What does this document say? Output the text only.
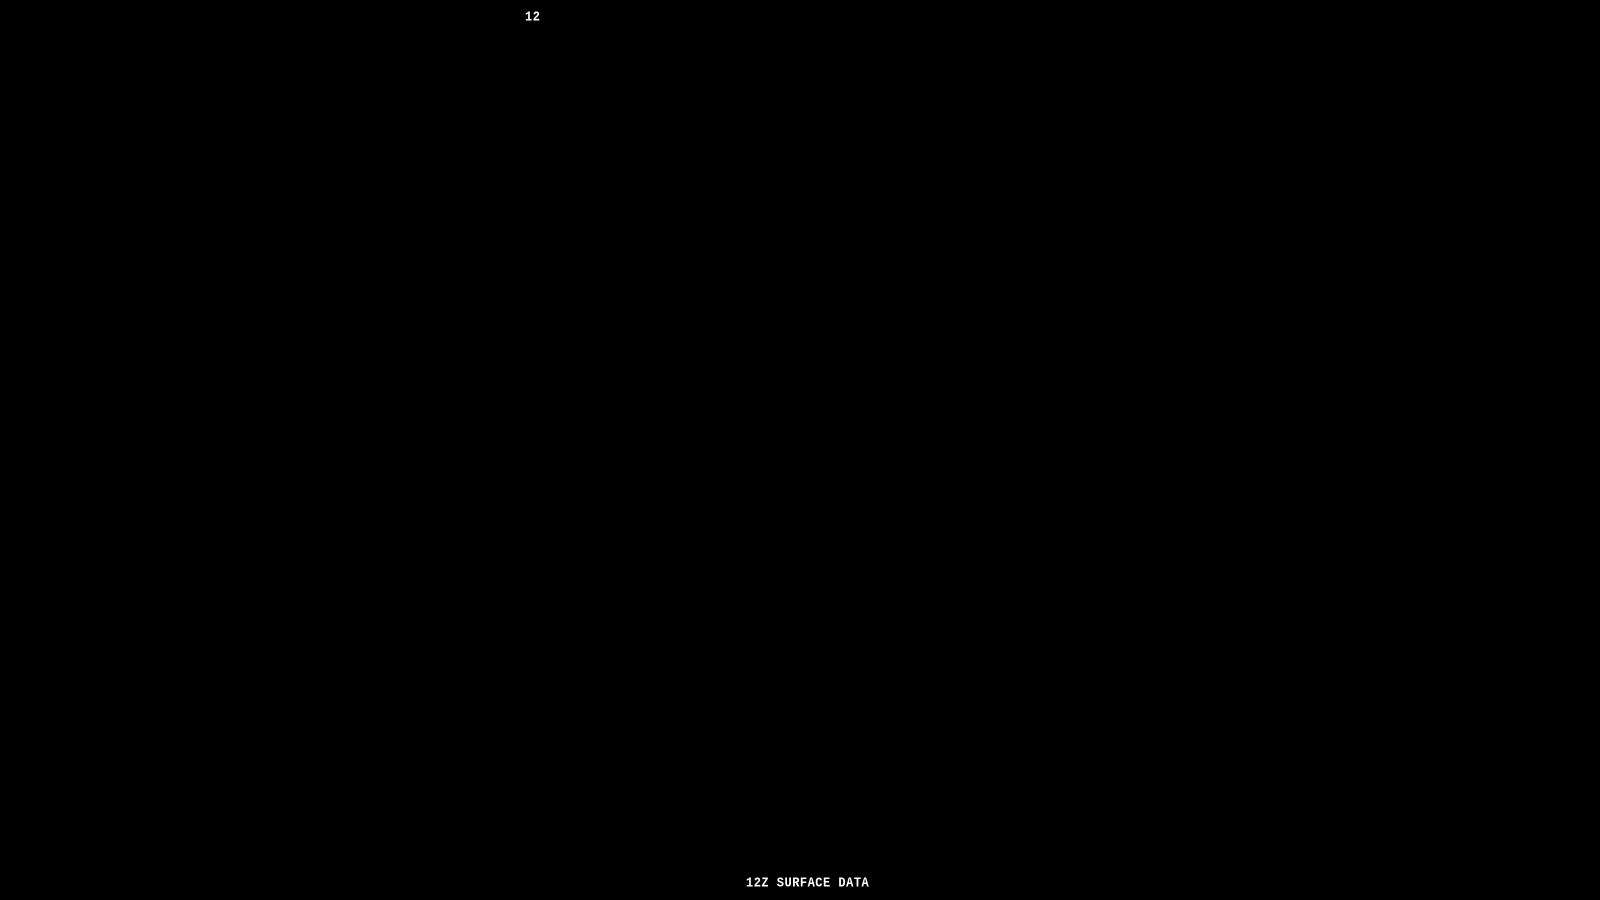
12
12Z SURFACE DATA
